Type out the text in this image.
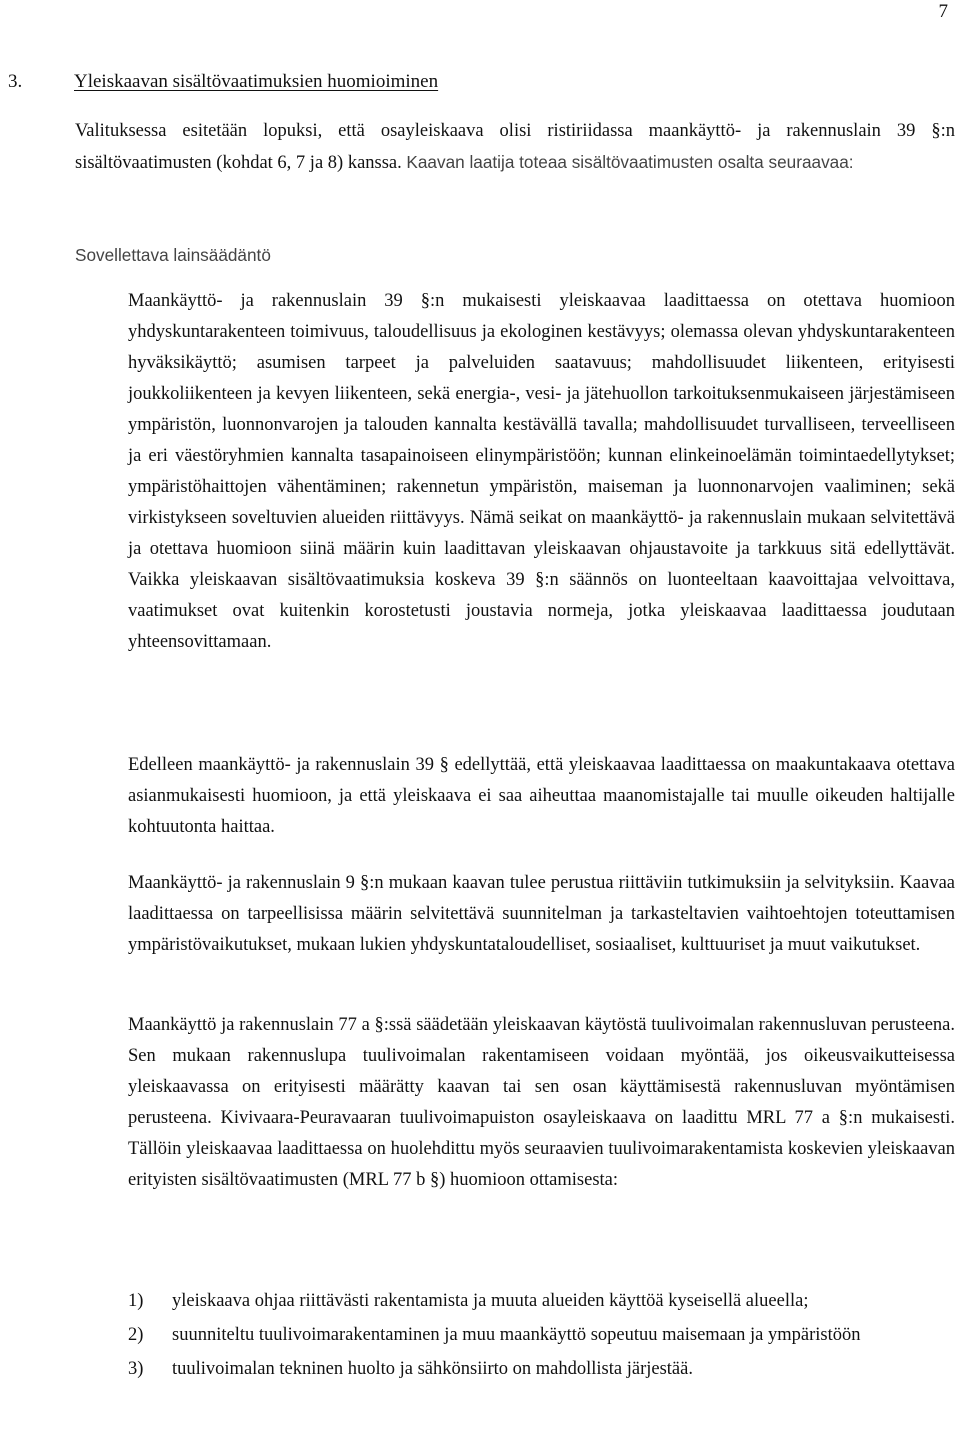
7
3.	Yleiskaavan sisältövaatimuksien huomioiminen

Valituksessa esitetään lopuksi, että osayleiskaava olisi ristiriidassa maankäyttö- ja rakennuslain 39 §:n sisältövaatimusten (kohdat 6, 7 ja 8) kanssa. Kaavan laatija toteaa sisältövaatimusten osalta seuraavaa:

Sovellettava lainsäädäntö

Maankäyttö- ja rakennuslain 39 §:n mukaisesti yleiskaavaa laadittaessa on otettava huomioon yhdyskuntarakenteen toimivuus, taloudellisuus ja ekologinen kestävyys; olemassa olevan yhdyskuntarakenteen hyväksikäyttö; asumisen tarpeet ja palveluiden saatavuus; mahdollisuudet liikenteen, erityisesti joukkoliikenteen ja kevyen liikenteen, sekä energia-, vesi- ja jätehuollon tarkoituksenmukaiseen järjestämiseen ympäristön, luonnonvarojen ja talouden kannalta kestävällä tavalla; mahdollisuudet turvalliseen, terveelliseen ja eri väestöryhmien kannalta tasapainoiseen elinympäristöön; kunnan elinkeinoelämän toimintaedellytykset; ympäristöhaittojen vähentäminen; rakennetun ympäristön, maiseman ja luonnonarvojen vaaliminen; sekä virkistykseen soveltuvien alueiden riittävyys. Nämä seikat on maankäyttö- ja rakennuslain mukaan selvitettävä ja otettava huomioon siinä määrin kuin laadittavan yleiskaavan ohjaustavoite ja tarkkuus sitä edellyttävät. Vaikka yleiskaavan sisältövaatimuksia koskeva 39 §:n säännös on luonteeltaan kaavoittajaa velvoittava, vaatimukset ovat kuitenkin korostetusti joustavia normeja, jotka yleiskaavaa laadittaessa joudutaan yhteensovittamaan.

Edelleen maankäyttö- ja rakennuslain 39 § edellyttää, että yleiskaavaa laadittaessa on maakuntakaava otettava asianmukaisesti huomioon, ja että yleiskaava ei saa aiheuttaa maanomistajalle tai muulle oikeuden haltijalle kohtuutonta haittaa.

Maankäyttö- ja rakennuslain 9 §:n mukaan kaavan tulee perustua riittäviin tutkimuksiin ja selvityksiin. Kaavaa laadittaessa on tarpeellisissa määrin selvitettävä suunnitelman ja tarkasteltavien vaihtoehtojen toteuttamisen ympäristövaikutukset, mukaan lukien yhdyskuntataloudelliset, sosiaaliset, kulttuuriset ja muut vaikutukset.

Maankäyttö ja rakennuslain 77 a §:ssä säädetään yleiskaavan käytöstä tuulivoimalan rakennusluvan perusteena. Sen mukaan rakennuslupa tuulivoimalan rakentamiseen voidaan myöntää, jos oikeusvaikutteisessa yleiskaavassa on erityisesti määrätty kaavan tai sen osan käyttämisestä rakennusluvan myöntämisen perusteena. Kivivaara-Peuravaaran tuulivoimapuiston osayleiskaava on laadittu MRL 77 a §:n mukaisesti. Tällöin yleiskaavaa laadittaessa on huolehdittu myös seuraavien tuulivoimarakentamista koskevien yleiskaavan erityisten sisältövaatimusten (MRL 77 b §) huomioon ottamisesta:

1)	yleiskaava ohjaa riittävästi rakentamista ja muuta alueiden käyttöä kyseisellä alueella;
2)	suunniteltu tuulivoimarakentaminen ja muu maankäyttö sopeutuu maisemaan ja ympäristöön
3)	tuulivoimalan tekninen huolto ja sähkönsiirto on mahdollista järjestää.
